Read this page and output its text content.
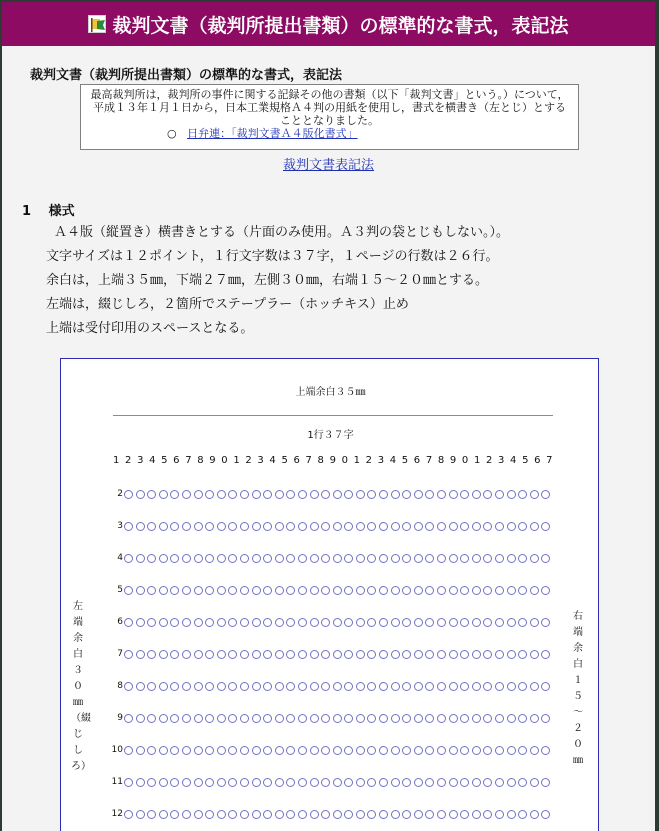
裁判文書（裁判所提出書類）の標準的な書式，表記法
裁判文書（裁判所提出書類）の標準的な書式，表記法
最高裁判所は，裁判所の事件に関する記録その他の書類（以下「裁判文書」という。）について，平成１３年１月１日から，日本工業規格Ａ４判の用紙を使用し，書式を横書き（左とじ）とすることとなりました。
○ 日弁連：「裁判文書Ａ４版化書式」
裁判文書表記法
1　 様式
Ａ４版（縦置き）横書きとする（片面のみ使用。Ａ３判の袋とじもしない。）。
文字サイズは１２ポイント，１行文字数は３７字，１ページの行数は２６行。
余白は，上端３５㎜，下端２７㎜，左側３０㎜，右端１５～２０㎜とする。
左端は，綴じしろ，２箇所でステープラー（ホッチキス）止め
上端は受付印用のスペースとなる。
上端余白３５㎜
1行３７字
1 2 3 4 5 6 7 8 9 0 1 2 3 4 5 6 7 8 9 0 1 2 3 4 5 6 7 8 9 0 1 2 3 4 5 6 7
2
3
4
5
6
7
8
9
10
11
12
左
端
余
白
３
０
㎜
（綴
じ
し
ろ）
右
端
余
白
１
５
～
２
０
㎜
